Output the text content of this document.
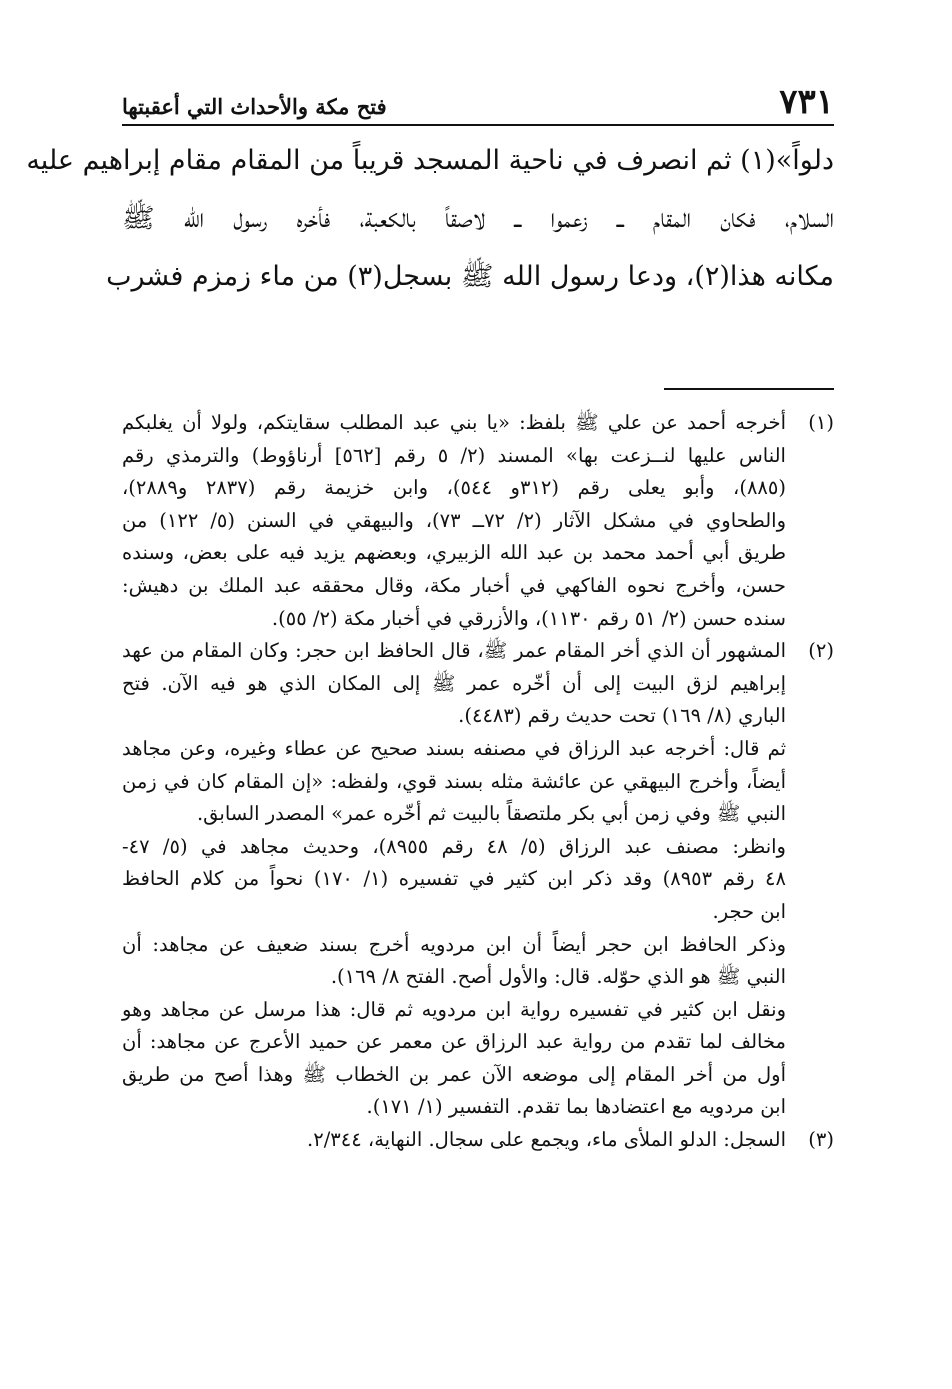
٧٣١
فتح مكة والأحداث التي أعقبتها
دلواً»(١) ثم انصرف في ناحية المسجد قريباً من المقام مقام إبراهيم عليه
السلام، فكان المقام ــ زعموا ــ لاصقاً بالكعبة، فأخره رسول الله ﷺ
مكانه هذا(٢)، ودعا رسول الله ﷺ بسجل(٣) من ماء زمزم فشرب
(١)
أخرجه أحمد عن علي ﷺ بلفظ: «يا بني عبد المطلب سقايتكم، ولولا أن يغلبكم
الناس عليها لنــزعت بها» المسند (٢/ ٥ رقم [٥٦٢] أرناؤوط) والترمذي رقم
(٨٨٥)، وأبو يعلى رقم (٣١٢و ٥٤٤)، وابن خزيمة رقم (٢٨٣٧ و٢٨٨٩)،
والطحاوي في مشكل الآثار (٢/ ٧٢ــ ٧٣)، والبيهقي في السنن (٥/ ١٢٢) من
طريق أبي أحمد محمد بن عبد الله الزبيري، وبعضهم يزيد فيه على بعض، وسنده
حسن، وأخرج نحوه الفاكهي في أخبار مكة، وقال محققه عبد الملك بن دهيش:
سنده حسن (٢/ ٥١ رقم ١١٣٠)، والأزرقي في أخبار مكة (٢/ ٥٥).
(٢)
المشهور أن الذي أخر المقام عمر ﷺ، قال الحافظ ابن حجر: وكان المقام من عهد
إبراهيم لزق البيت إلى أن أخّره عمر ﷺ إلى المكان الذي هو فيه الآن. فتح
الباري (٨/ ١٦٩) تحت حديث رقم (٤٤٨٣).
ثم قال: أخرجه عبد الرزاق في مصنفه بسند صحيح عن عطاء وغيره، وعن مجاهد
أيضاً، وأخرج البيهقي عن عائشة مثله بسند قوي، ولفظه: «إن المقام كان في زمن
النبي ﷺ وفي زمن أبي بكر ملتصقاً بالبيت ثم أخّره عمر» المصدر السابق.
وانظر: مصنف عبد الرزاق (٥/ ٤٨ رقم ٨٩٥٥)، وحديث مجاهد في (٥/ ٤٧-
٤٨ رقم ٨٩٥٣) وقد ذكر ابن كثير في تفسيره (١/ ١٧٠) نحواً من كلام الحافظ
ابن حجر.
وذكر الحافظ ابن حجر أيضاً أن ابن مردويه أخرج بسند ضعيف عن مجاهد: أن
النبي ﷺ هو الذي حوّله. قال: والأول أصح. الفتح ٨/ ١٦٩).
ونقل ابن كثير في تفسيره رواية ابن مردويه ثم قال: هذا مرسل عن مجاهد وهو
مخالف لما تقدم من رواية عبد الرزاق عن معمر عن حميد الأعرج عن مجاهد: أن
أول من أخر المقام إلى موضعه الآن عمر بن الخطاب ﷺ وهذا أصح من طريق
ابن مردويه مع اعتضادها بما تقدم. التفسير (١/ ١٧١).
(٣)
السجل: الدلو الملأى ماء، ويجمع على سجال. النهاية، ٢/٣٤٤.
